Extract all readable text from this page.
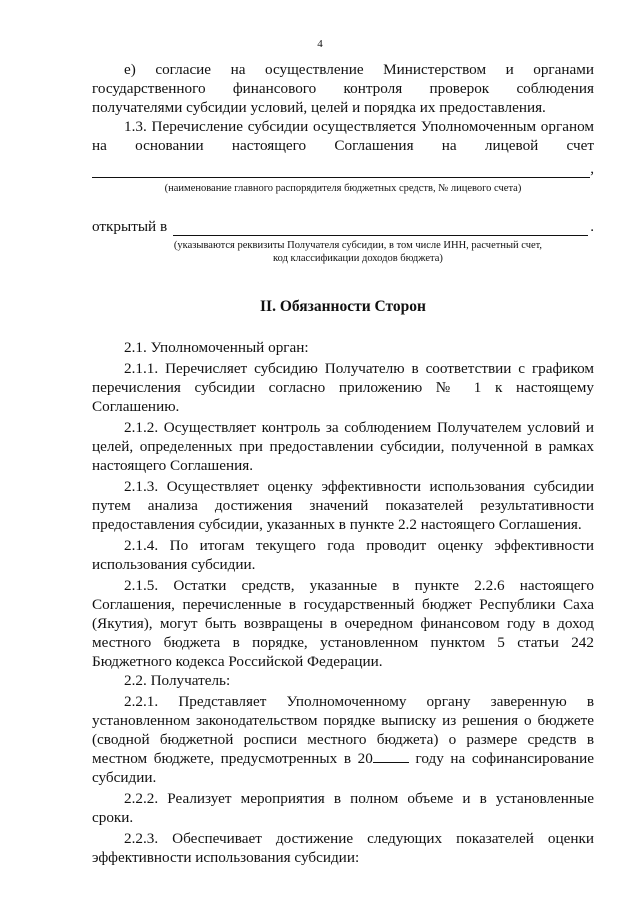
4

е) согласие на осуществление Министерством и органами государственного финансового контроля проверок соблюдения получателями субсидии условий, целей и порядка их предоставления.

1.3. Перечисление субсидии осуществляется Уполномоченным органом на основании настоящего Соглашения на лицевой счет

,
(наименование главного распорядителя бюджетных средств, № лицевого счета)
открытый в	.
(указываются реквизиты Получателя субсидии, в том числе ИНН, расчетный счет,
код классификации доходов бюджета)
II. Обязанности Сторон

2.1. Уполномоченный орган:

2.1.1. Перечисляет субсидию Получателю в соответствии с графиком перечисления субсидии согласно приложению № 1 к настоящему Соглашению.

2.1.2. Осуществляет контроль за соблюдением Получателем условий и целей, определенных при предоставлении субсидии, полученной в рамках настоящего Соглашения.

2.1.3. Осуществляет оценку эффективности использования субсидии путем анализа достижения значений показателей результативности предоставления субсидии, указанных в пункте 2.2 настоящего Соглашения.

2.1.4. По итогам текущего года проводит оценку эффективности использования субсидии.

2.1.5. Остатки средств, указанные в пункте 2.2.6 настоящего Соглашения, перечисленные в государственный бюджет Республики Саха (Якутия), могут быть возвращены в очередном финансовом году в доход местного бюджета в порядке, установленном пунктом 5 статьи 242 Бюджетного кодекса Российской Федерации.

2.2. Получатель:

2.2.1. Представляет Уполномоченному органу заверенную в установленном законодательством порядке выписку из решения о бюджете (сводной бюджетной росписи местного бюджета) о размере средств в местном бюджете, предусмотренных в 20 году на софинансирование субсидии.

2.2.2. Реализует мероприятия в полном объеме и в установленные сроки.

2.2.3. Обеспечивает достижение следующих показателей оценки эффективности использования субсидии:
